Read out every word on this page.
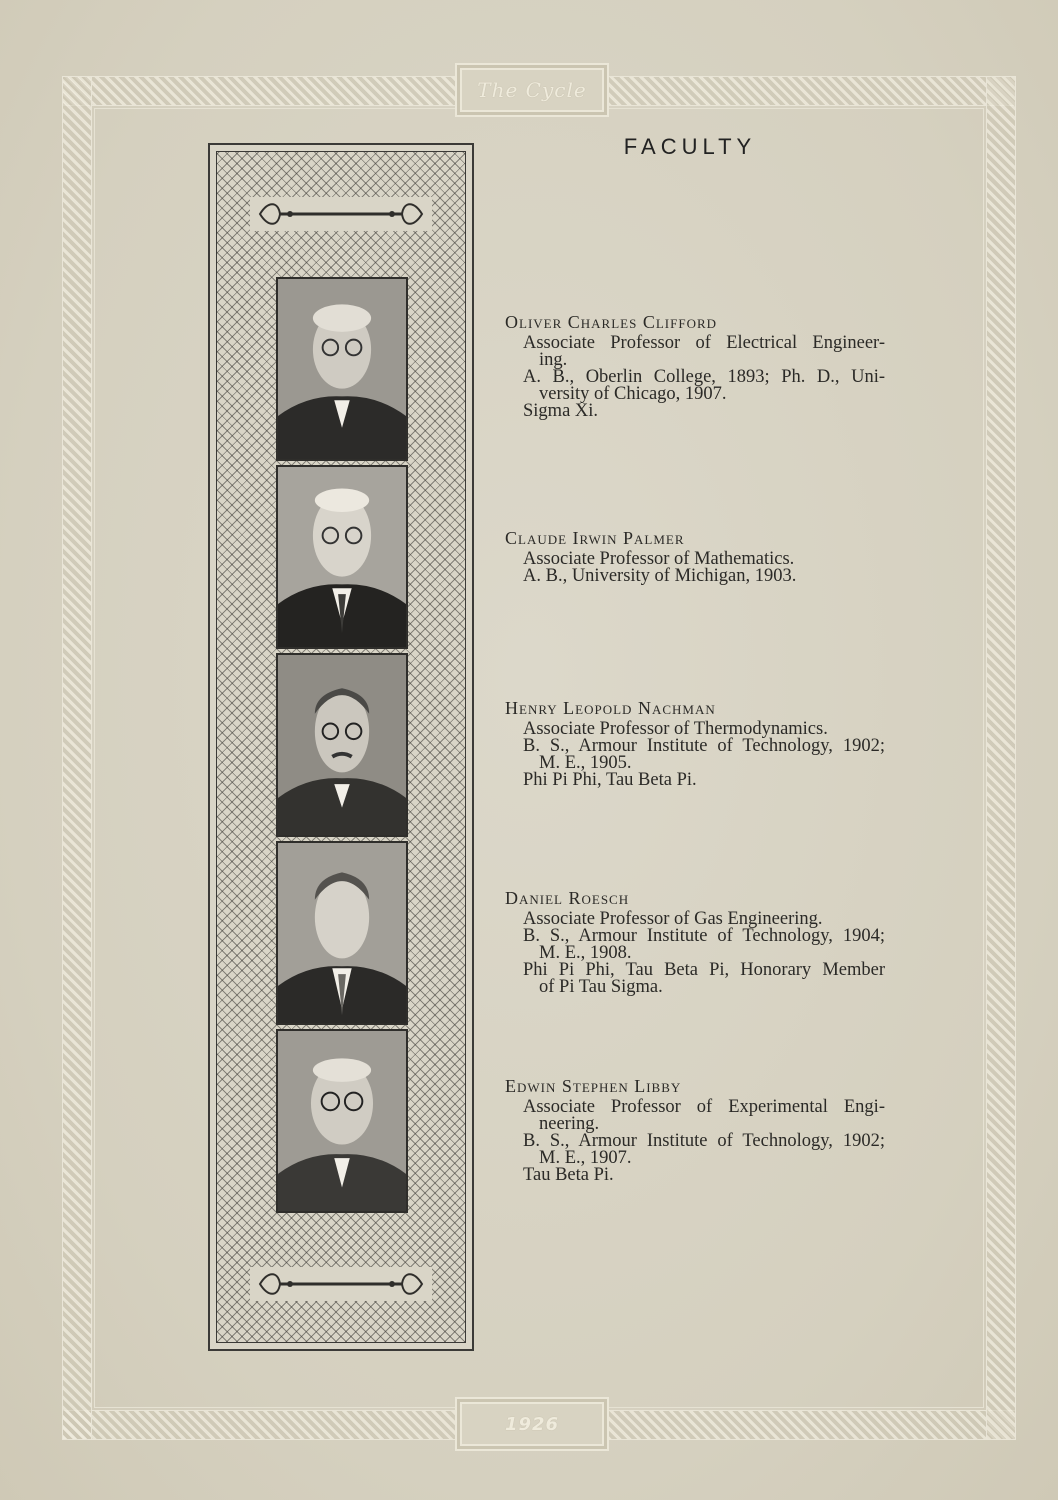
The Cycle
1926
FACULTY
Oliver Charles Clifford
Associate Professor of Electrical Engineer-
ing.
A. B., Oberlin College, 1893; Ph. D., Uni-
versity of Chicago, 1907.
Sigma Xi.
Claude Irwin Palmer
Associate Professor of Mathematics.
A. B., University of Michigan, 1903.
Henry Leopold Nachman
Associate Professor of Thermodynamics.
B. S., Armour Institute of Technology, 1902;
M. E., 1905.
Phi Pi Phi, Tau Beta Pi.
Daniel Roesch
Associate Professor of Gas Engineering.
B. S., Armour Institute of Technology, 1904;
M. E., 1908.
Phi Pi Phi, Tau Beta Pi, Honorary Member
of Pi Tau Sigma.
Edwin Stephen Libby
Associate Professor of Experimental Engi-
neering.
B. S., Armour Institute of Technology, 1902;
M. E., 1907.
Tau Beta Pi.
